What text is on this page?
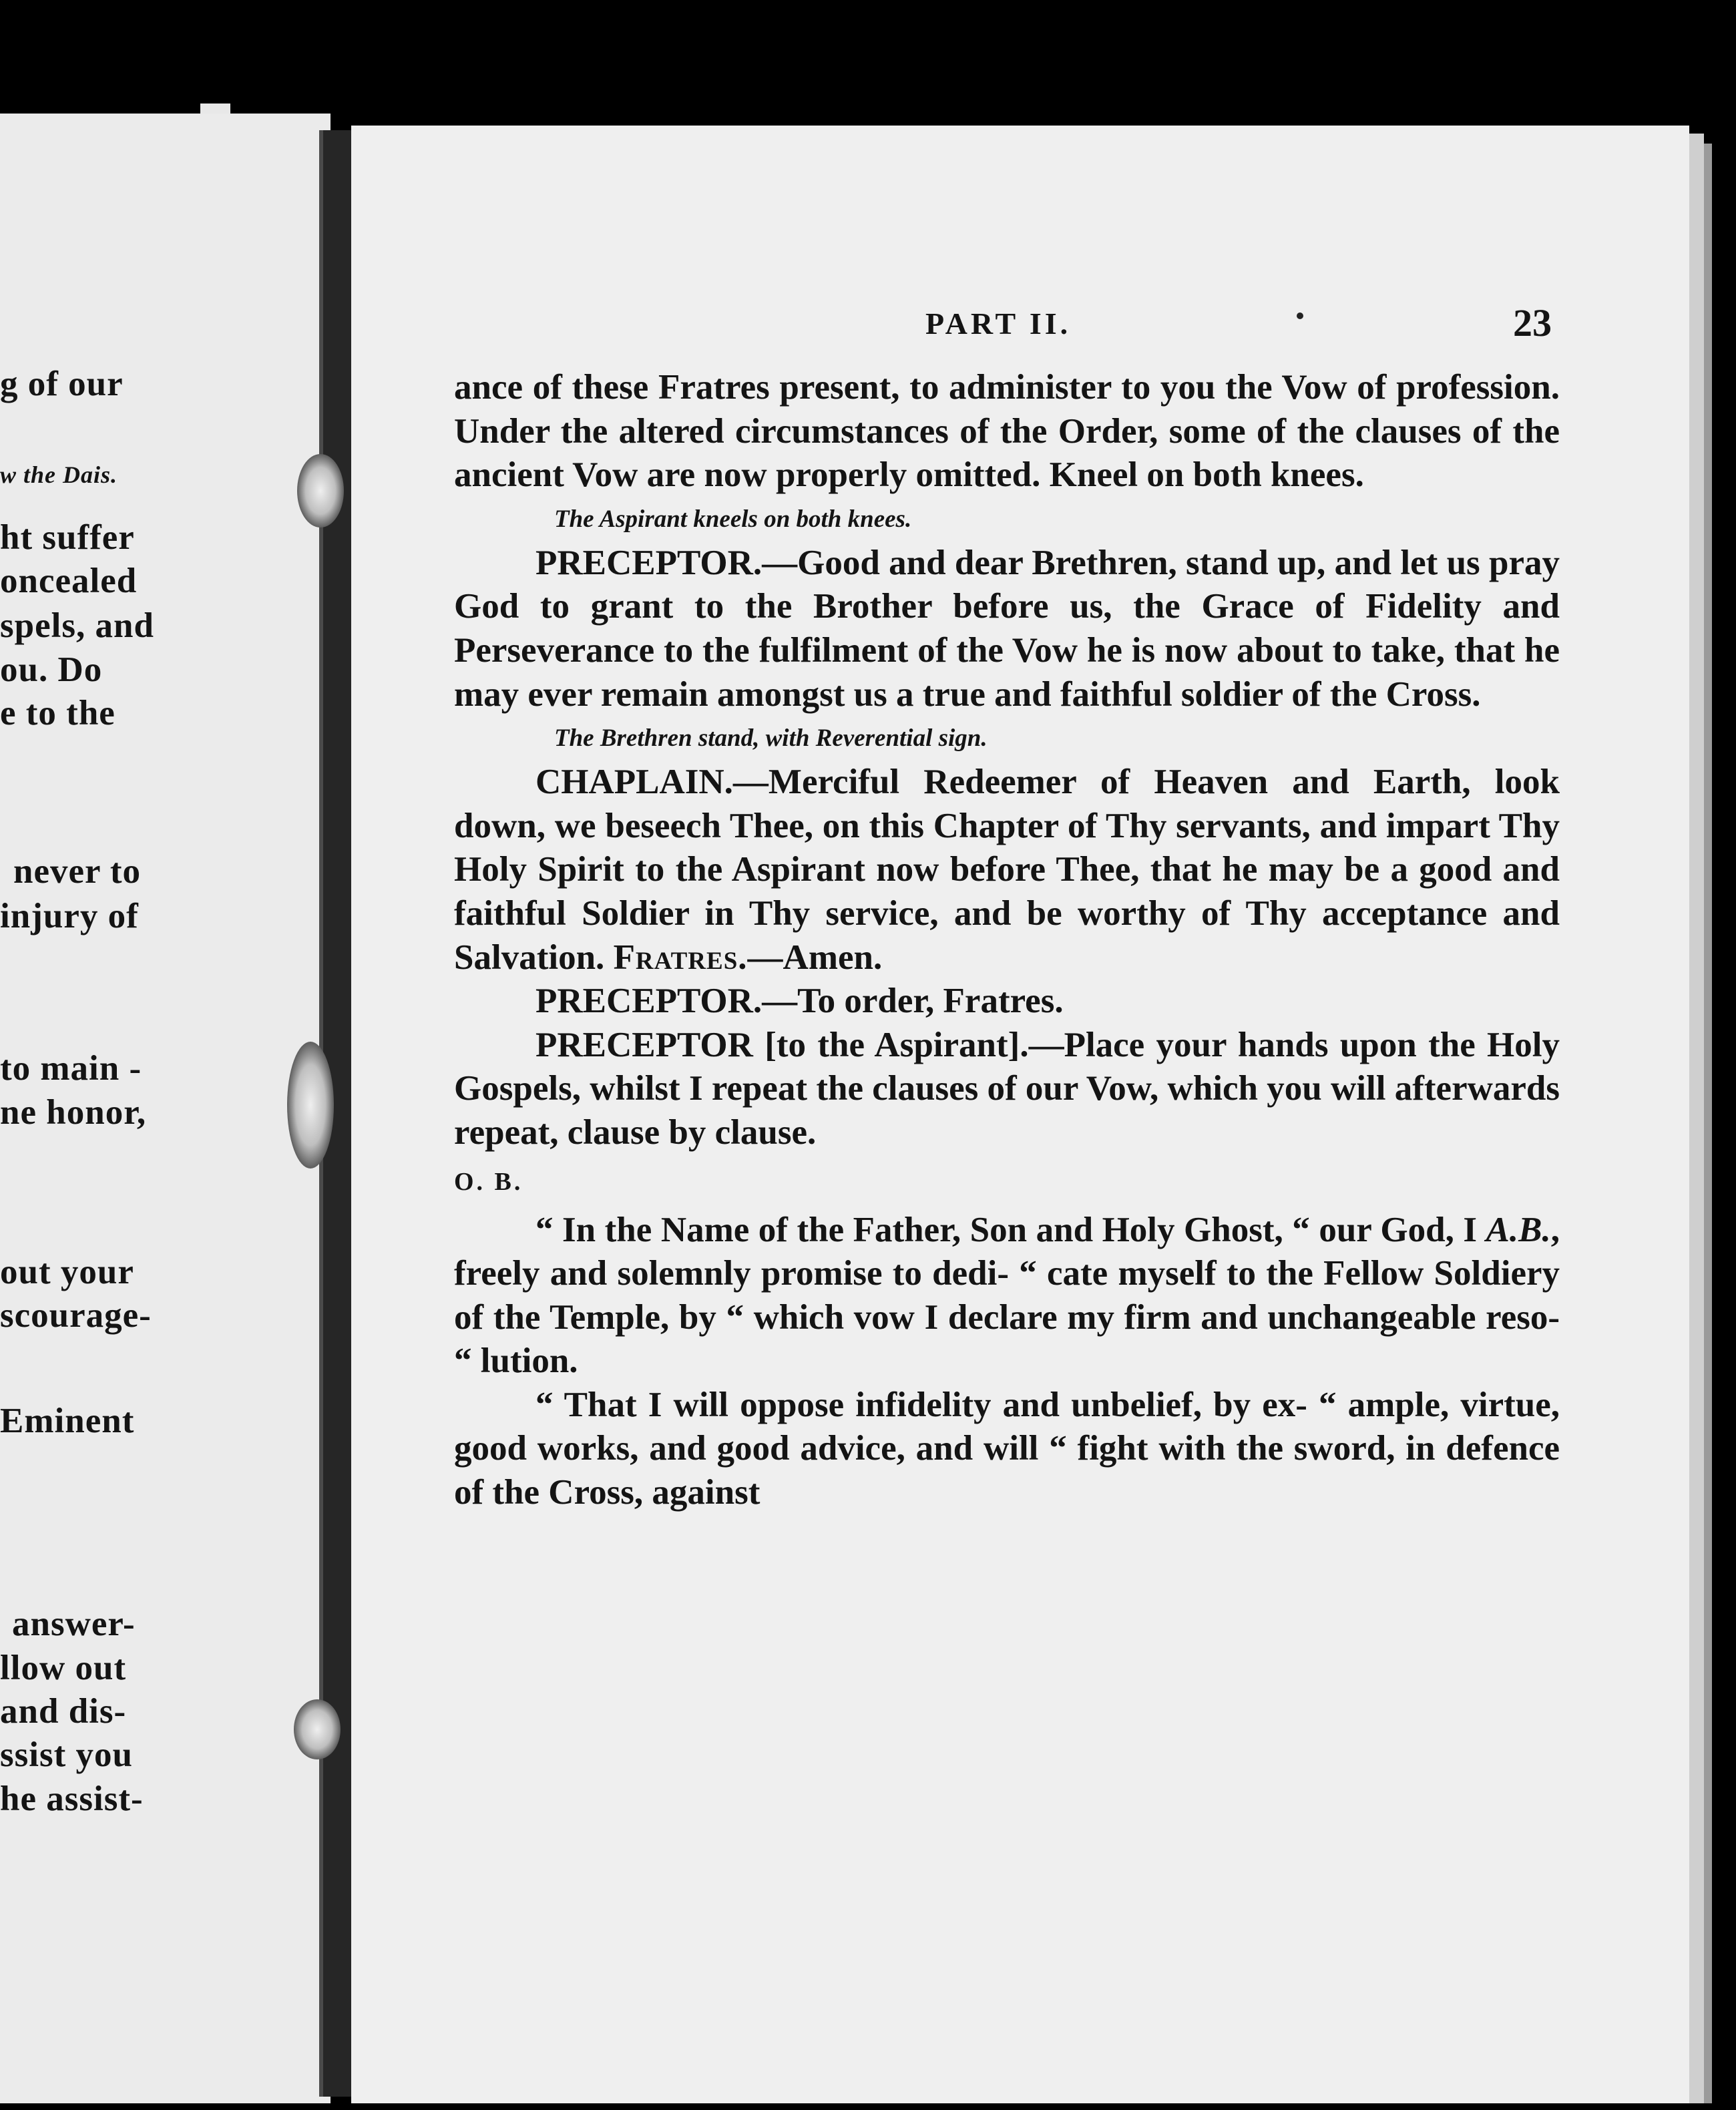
g of our
w the Dais.
ht suffer
oncealed
spels, and
ou. Do
e to the
never to
injury of
to main -
ne honor,
out your
scourage-
Eminent
answer-
llow out
and dis-
ssist you
he assist-
PART II.	23

ance of these Fratres present, to administer to you the Vow of profession. Under the altered circumstances of the Order, some of the clauses of the ancient Vow are now properly omitted. Kneel on both knees.

The Aspirant kneels on both knees.

PRECEPTOR.—Good and dear Brethren, stand up, and let us pray God to grant to the Brother before us, the Grace of Fidelity and Perseverance to the fulfilment of the Vow he is now about to take, that he may ever remain amongst us a true and faithful soldier of the Cross.

The Brethren stand, with Reverential sign.

CHAPLAIN.—Merciful Redeemer of Heaven and Earth, look down, we beseech Thee, on this Chapter of Thy servants, and impart Thy Holy Spirit to the Aspirant now before Thee, that he may be a good and faithful Soldier in Thy service, and be worthy of Thy acceptance and Salvation. Fratres.—Amen.

PRECEPTOR.—To order, Fratres.

PRECEPTOR [to the Aspirant].—Place your hands upon the Holy Gospels, whilst I repeat the clauses of our Vow, which you will afterwards repeat, clause by clause.

O. B.

“ In the Name of the Father, Son and Holy Ghost, “ our God, I A.B., freely and solemnly promise to dedi- “ cate myself to the Fellow Soldiery of the Temple, by “ which vow I declare my firm and unchangeable reso- “ lution.

“ That I will oppose infidelity and unbelief, by ex- “ ample, virtue, good works, and good advice, and will “ fight with the sword, in defence of the Cross, against
